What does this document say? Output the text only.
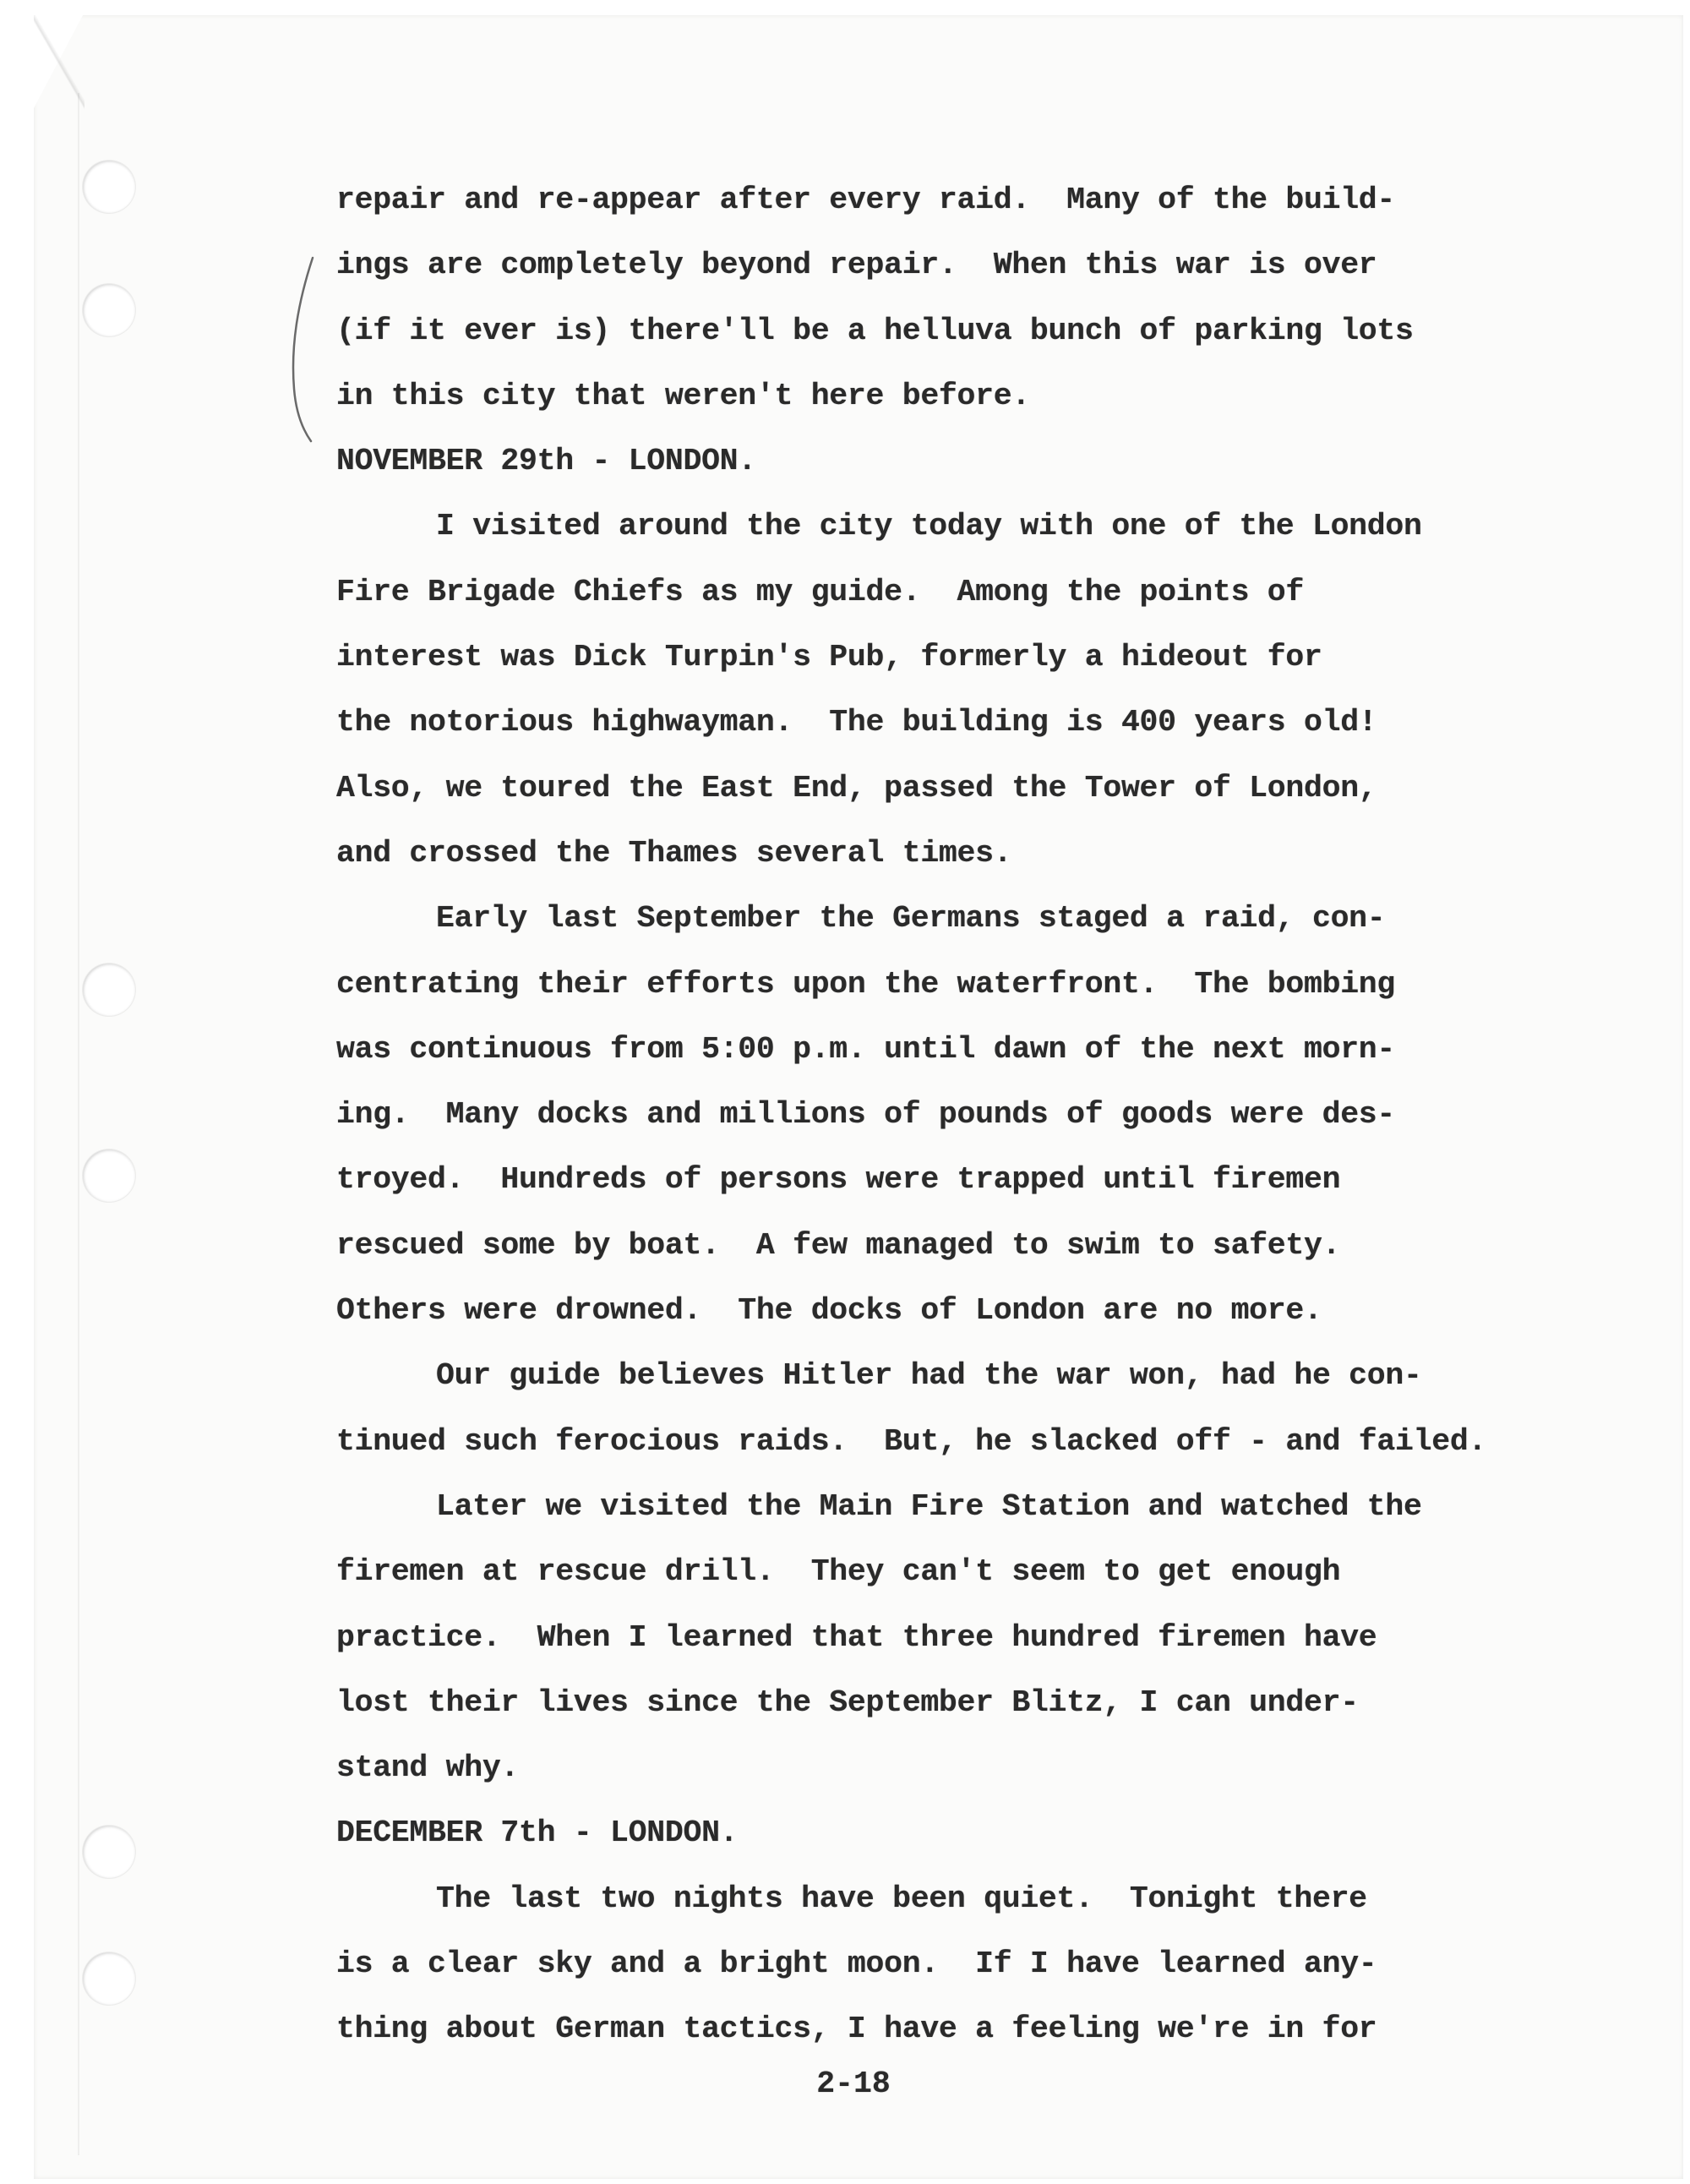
repair and re-appear after every raid.  Many of the build-
ings are completely beyond repair.  When this war is over
(if it ever is) there'll be a helluva bunch of parking lots
in this city that weren't here before.
NOVEMBER 29th - LONDON.
I visited around the city today with one of the London
Fire Brigade Chiefs as my guide.  Among the points of
interest was Dick Turpin's Pub, formerly a hideout for
the notorious highwayman.  The building is 400 years old!
Also, we toured the East End, passed the Tower of London,
and crossed the Thames several times.
Early last September the Germans staged a raid, con-
centrating their efforts upon the waterfront.  The bombing
was continuous from 5:00 p.m. until dawn of the next morn-
ing.  Many docks and millions of pounds of goods were des-
troyed.  Hundreds of persons were trapped until firemen
rescued some by boat.  A few managed to swim to safety.
Others were drowned.  The docks of London are no more.
Our guide believes Hitler had the war won, had he con-
tinued such ferocious raids.  But, he slacked off - and failed.
Later we visited the Main Fire Station and watched the
firemen at rescue drill.  They can't seem to get enough
practice.  When I learned that three hundred firemen have
lost their lives since the September Blitz, I can under-
stand why.
DECEMBER 7th - LONDON.
The last two nights have been quiet.  Tonight there
is a clear sky and a bright moon.  If I have learned any-
thing about German tactics, I have a feeling we're in for
2-18
